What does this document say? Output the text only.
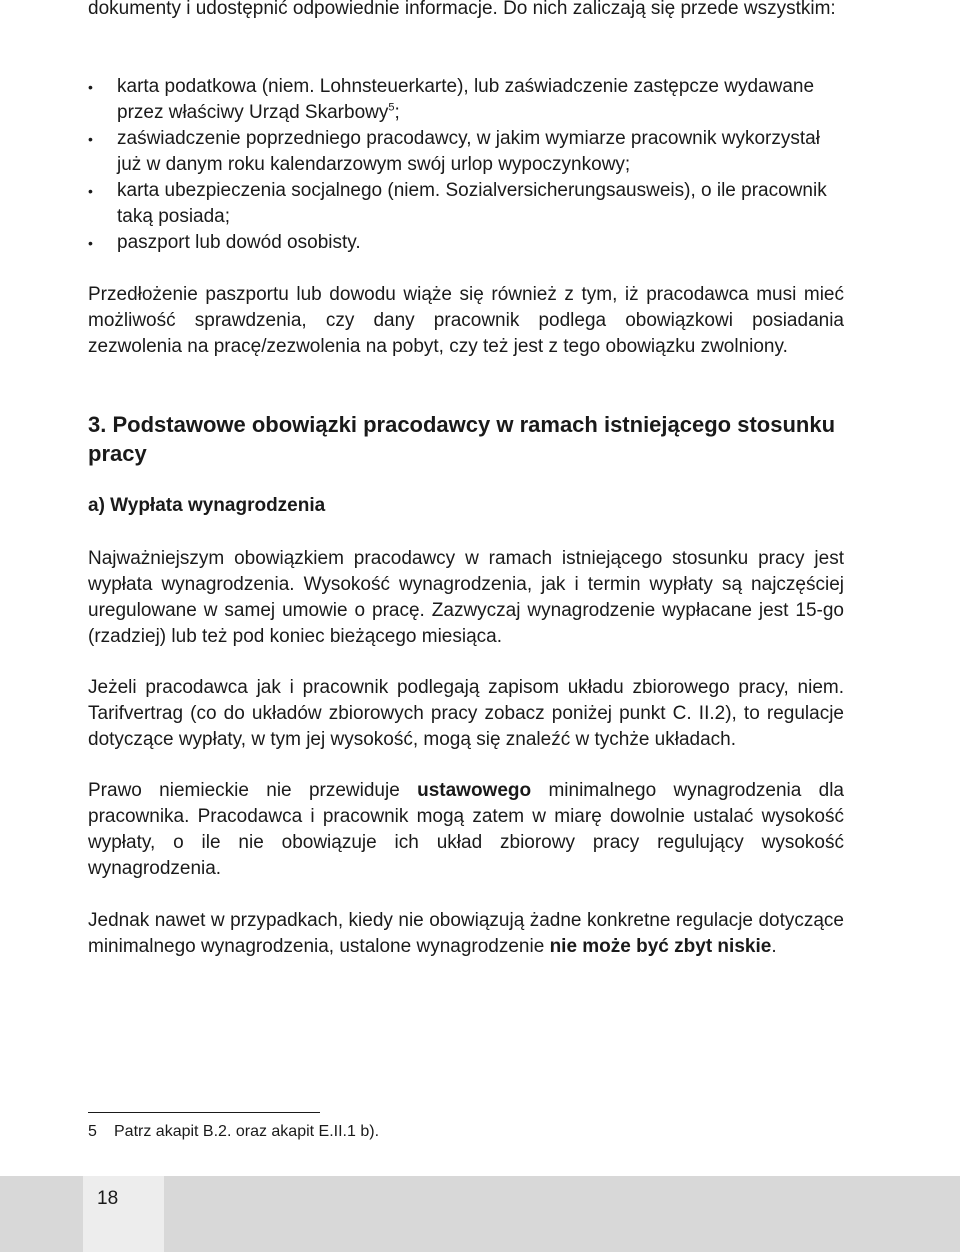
dokumenty i udostępnić odpowiednie informacje. Do nich zaliczają się przede wszystkim:

• karta podatkowa (niem. Lohnsteuerkarte), lub zaświadczenie zastępcze wydawane przez właściwy Urząd Skarbowy$^5$;
• zaświadczenie poprzedniego pracodawcy, w jakim wymiarze pracownik wykorzystał już w danym roku kalendarzowym swój urlop wypoczynkowy;
• karta ubezpieczenia socjalnego (niem. Sozialversicherungsausweis), o ile pracownik taką posiada;
• paszport lub dowód osobisty.

Przedłożenie paszportu lub dowodu wiąże się również z tym, iż pracodawca musi mieć możliwość sprawdzenia, czy dany pracownik podlega obowiązkowi posiadania zezwolenia na pracę/zezwolenia na pobyt, czy też jest z tego obowiązku zwolniony.

3. Podstawowe obowiązki pracodawcy w ramach istniejącego stosunku pracy
a) Wypłata wynagrodzenia

Najważniejszym obowiązkiem pracodawcy w ramach istniejącego stosunku pracy jest wypłata wynagrodzenia. Wysokość wynagrodzenia, jak i termin wypłaty są najczęściej uregulowane w samej umowie o pracę. Zazwyczaj wynagrodzenie wypłacane jest 15-go (rzadziej) lub też pod koniec bieżącego miesiąca.

Jeżeli pracodawca jak i pracownik podlegają zapisom układu zbiorowego pracy, niem. Tarifvertrag (co do układów zbiorowych pracy zobacz poniżej punkt C. II.2), to regulacje dotyczące wypłaty, w tym jej wysokość, mogą się znaleźć w tychże układach.

Prawo niemieckie nie przewiduje ustawowego minimalnego wynagrodzenia dla pracownika. Pracodawca i pracownik mogą zatem w miarę dowolnie ustalać wysokość wypłaty, o ile nie obowiązuje ich układ zbiorowy pracy regulujący wysokość wynagrodzenia.

Jednak nawet w przypadkach, kiedy nie obowiązują żadne konkretne regulacje dotyczące minimalnego wynagrodzenia, ustalone wynagrodzenie nie może być zbyt niskie.

5 Patrz akapit B.2. oraz akapit E.II.1 b).
18
